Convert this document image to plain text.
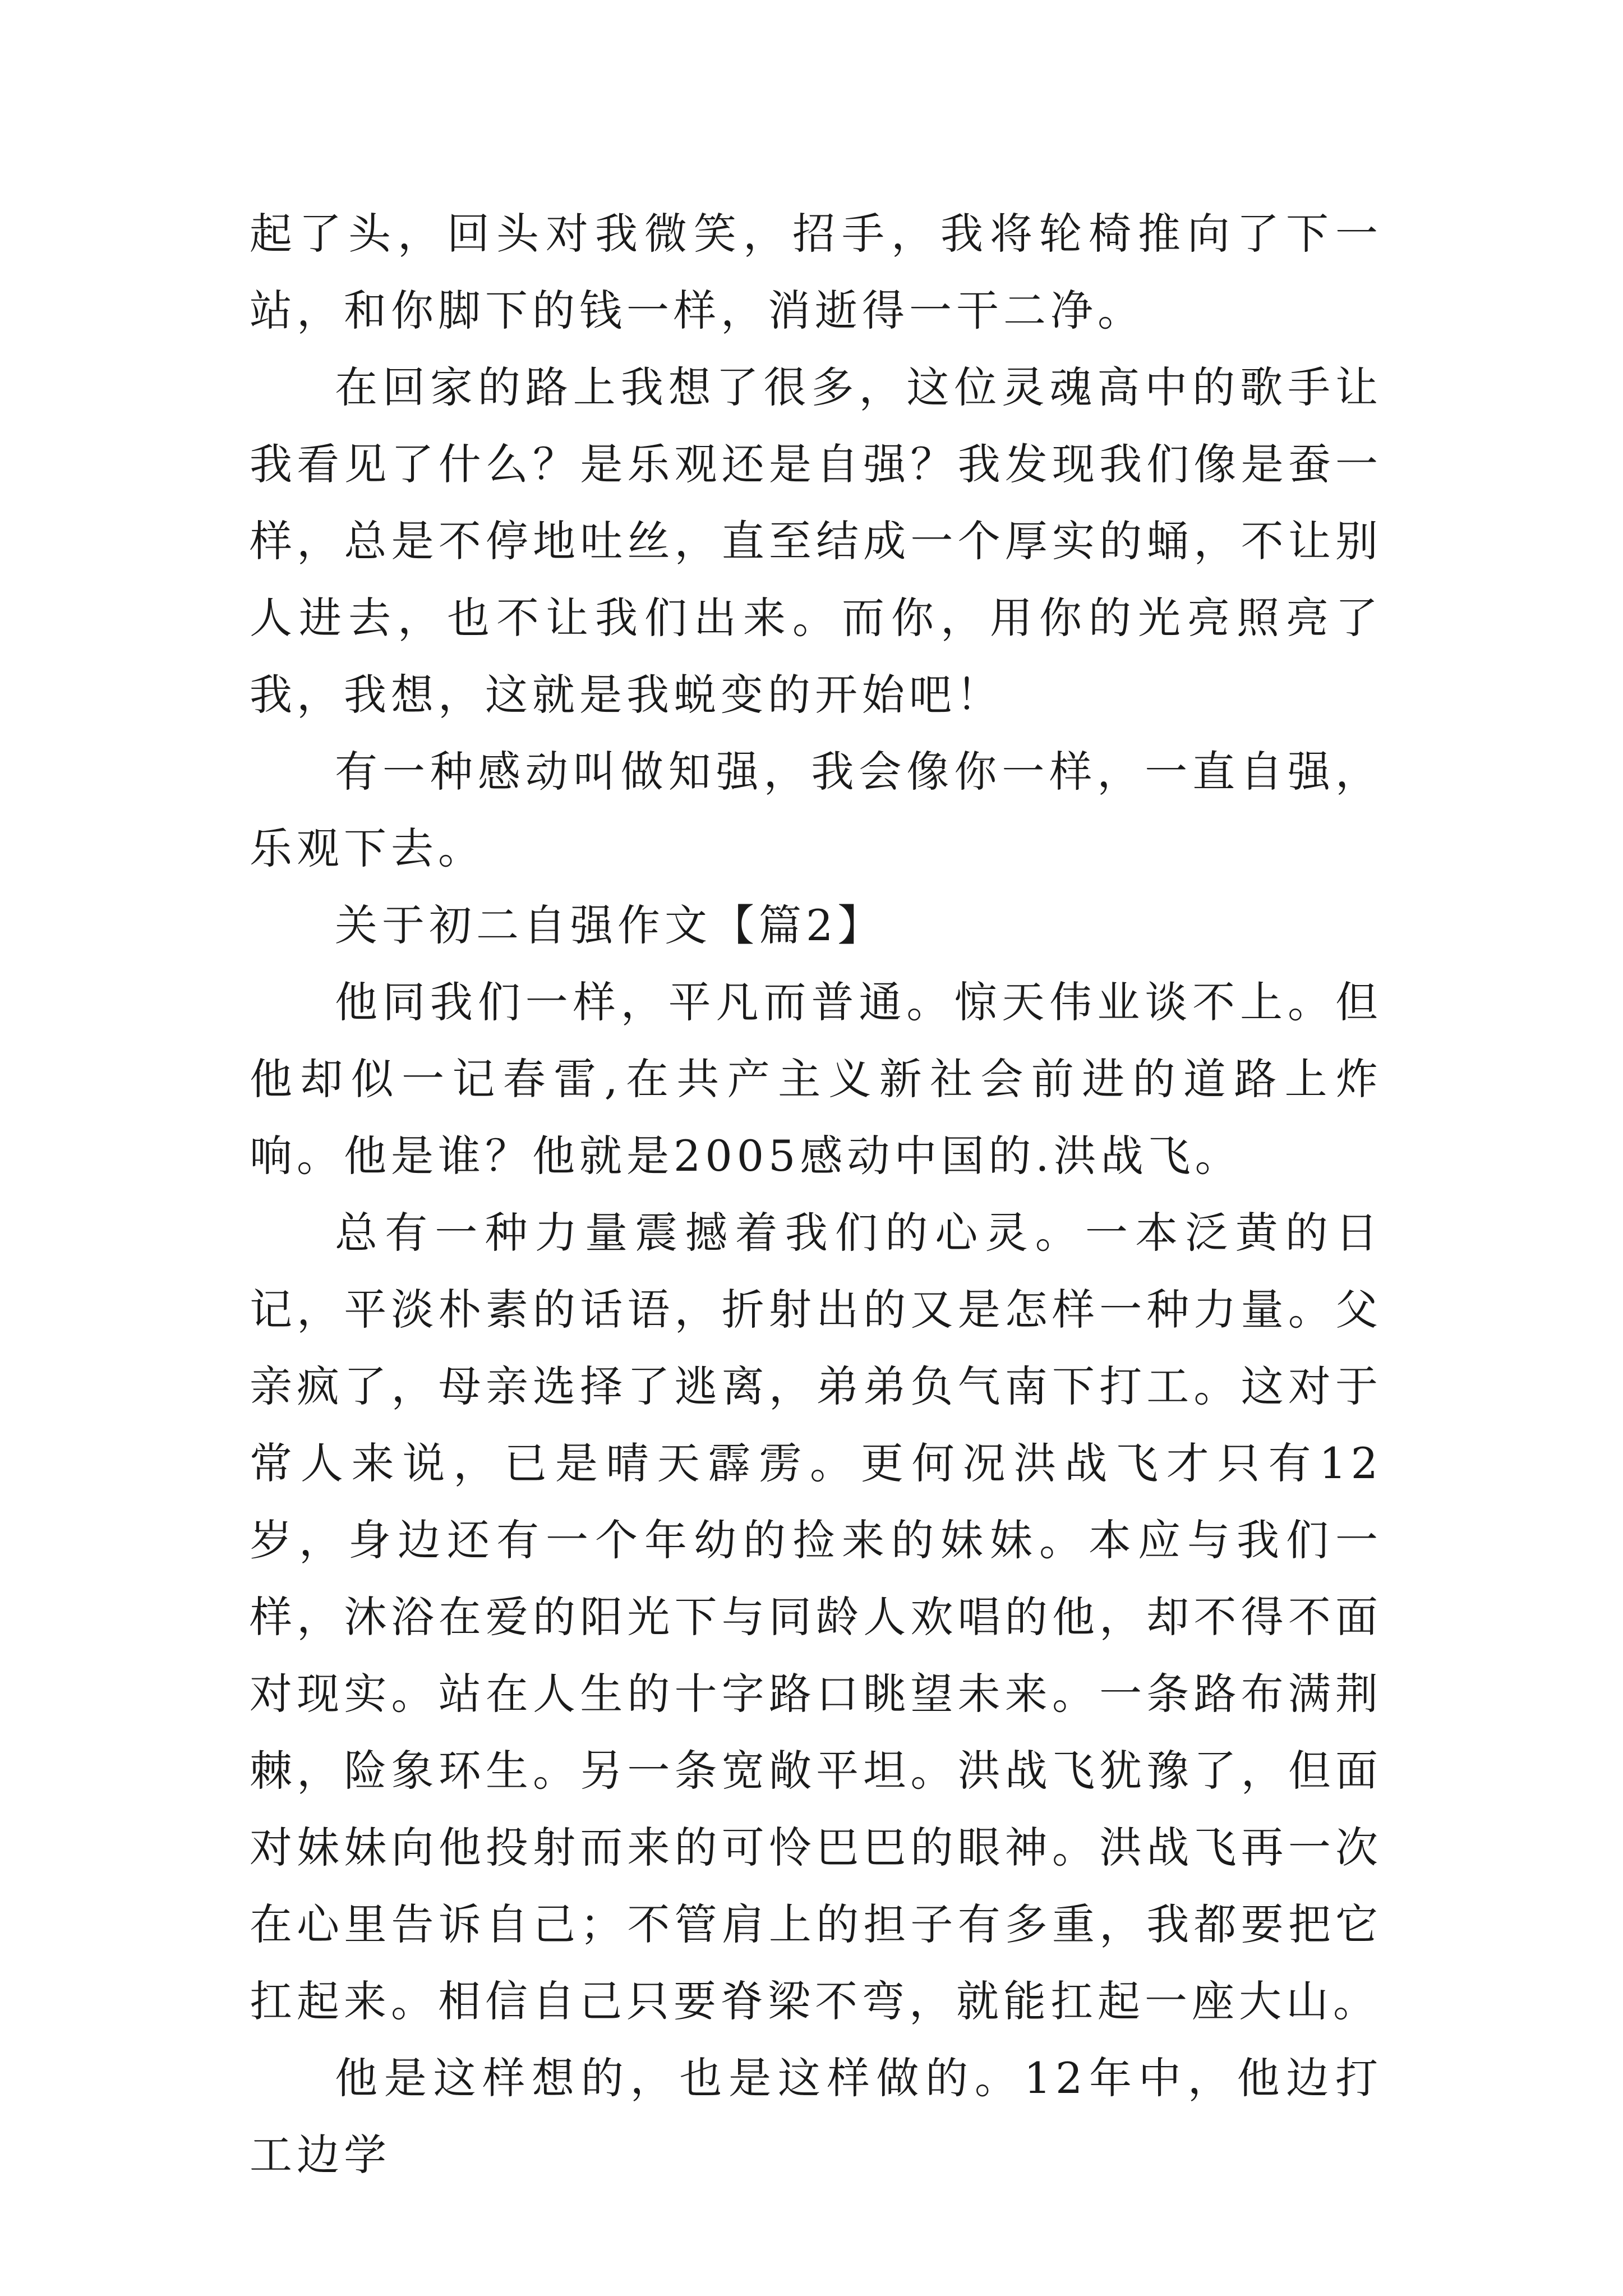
起了头，回头对我微笑，招手，我将轮椅推向了下一站，和你脚下的钱一样，消逝得一干二净。

在回家的路上我想了很多，这位灵魂高中的歌手让我看见了什么？是乐观还是自强？我发现我们像是蚕一样，总是不停地吐丝，直至结成一个厚实的蛹，不让别人进去，也不让我们出来。而你，用你的光亮照亮了我，我想，这就是我蜕变的开始吧！

有一种感动叫做知强，我会像你一样，一直自强，乐观下去。

关于初二自强作文【篇2】

他同我们一样，平凡而普通。惊天伟业谈不上。但他却似一记春雷,在共产主义新社会前进的道路上炸响。他是谁？他就是2005感动中国的.洪战飞。

总有一种力量震撼着我们的心灵。一本泛黄的日记，平淡朴素的话语，折射出的又是怎样一种力量。父亲疯了，母亲选择了逃离，弟弟负气南下打工。这对于常人来说，已是晴天霹雳。更何况洪战飞才只有12岁，身边还有一个年幼的捡来的妹妹。本应与我们一样，沐浴在爱的阳光下与同龄人欢唱的他，却不得不面对现实。站在人生的十字路口眺望未来。一条路布满荆棘，险象环生。另一条宽敞平坦。洪战飞犹豫了，但面对妹妹向他投射而来的可怜巴巴的眼神。洪战飞再一次在心里告诉自己；不管肩上的担子有多重，我都要把它扛起来。相信自己只要脊梁不弯，就能扛起一座大山。

他是这样想的，也是这样做的。12年中，他边打工边学
